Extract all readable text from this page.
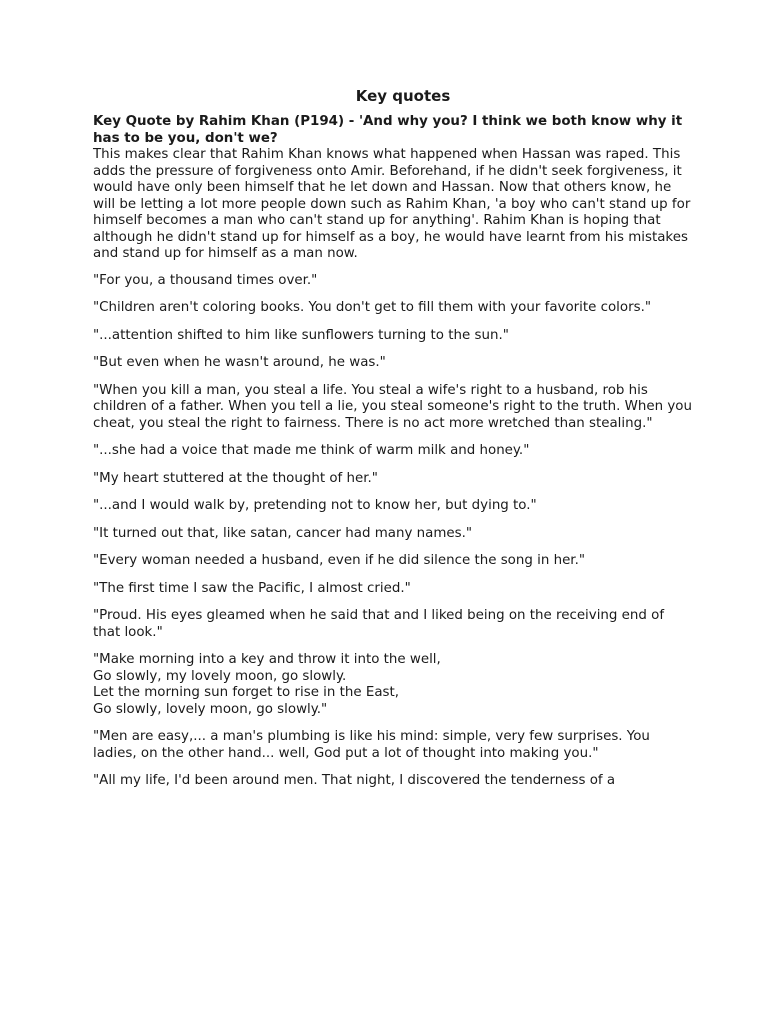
Key quotes

Key Quote by Rahim Khan (P194) - 'And why you? I think we both know why it has to be you, don't we?

This makes clear that Rahim Khan knows what happened when Hassan was raped. This adds the pressure of forgiveness onto Amir. Beforehand, if he didn't seek forgiveness, it would have only been himself that he let down and Hassan. Now that others know, he will be letting a lot more people down such as Rahim Khan, 'a boy who can't stand up for himself becomes a man who can't stand up for anything'. Rahim Khan is hoping that although he didn't stand up for himself as a boy, he would have learnt from his mistakes and stand up for himself as a man now.

"For you, a thousand times over."

"Children aren't coloring books. You don't get to fill them with your favorite colors."

"...attention shifted to him like sunflowers turning to the sun."

"But even when he wasn't around, he was."

"When you kill a man, you steal a life. You steal a wife's right to a husband, rob his children of a father. When you tell a lie, you steal someone's right to the truth. When you cheat, you steal the right to fairness. There is no act more wretched than stealing."

"...she had a voice that made me think of warm milk and honey."

"My heart stuttered at the thought of her."

"...and I would walk by, pretending not to know her, but dying to."

"It turned out that, like satan, cancer had many names."

"Every woman needed a husband, even if he did silence the song in her."

"The first time I saw the Pacific, I almost cried."

"Proud. His eyes gleamed when he said that and I liked being on the receiving end of that look."

"Make morning into a key and throw it into the well,
Go slowly, my lovely moon, go slowly.
Let the morning sun forget to rise in the East,
Go slowly, lovely moon, go slowly."

"Men are easy,... a man's plumbing is like his mind: simple, very few surprises. You ladies, on the other hand... well, God put a lot of thought into making you."

"All my life, I'd been around men. That night, I discovered the tenderness of a
